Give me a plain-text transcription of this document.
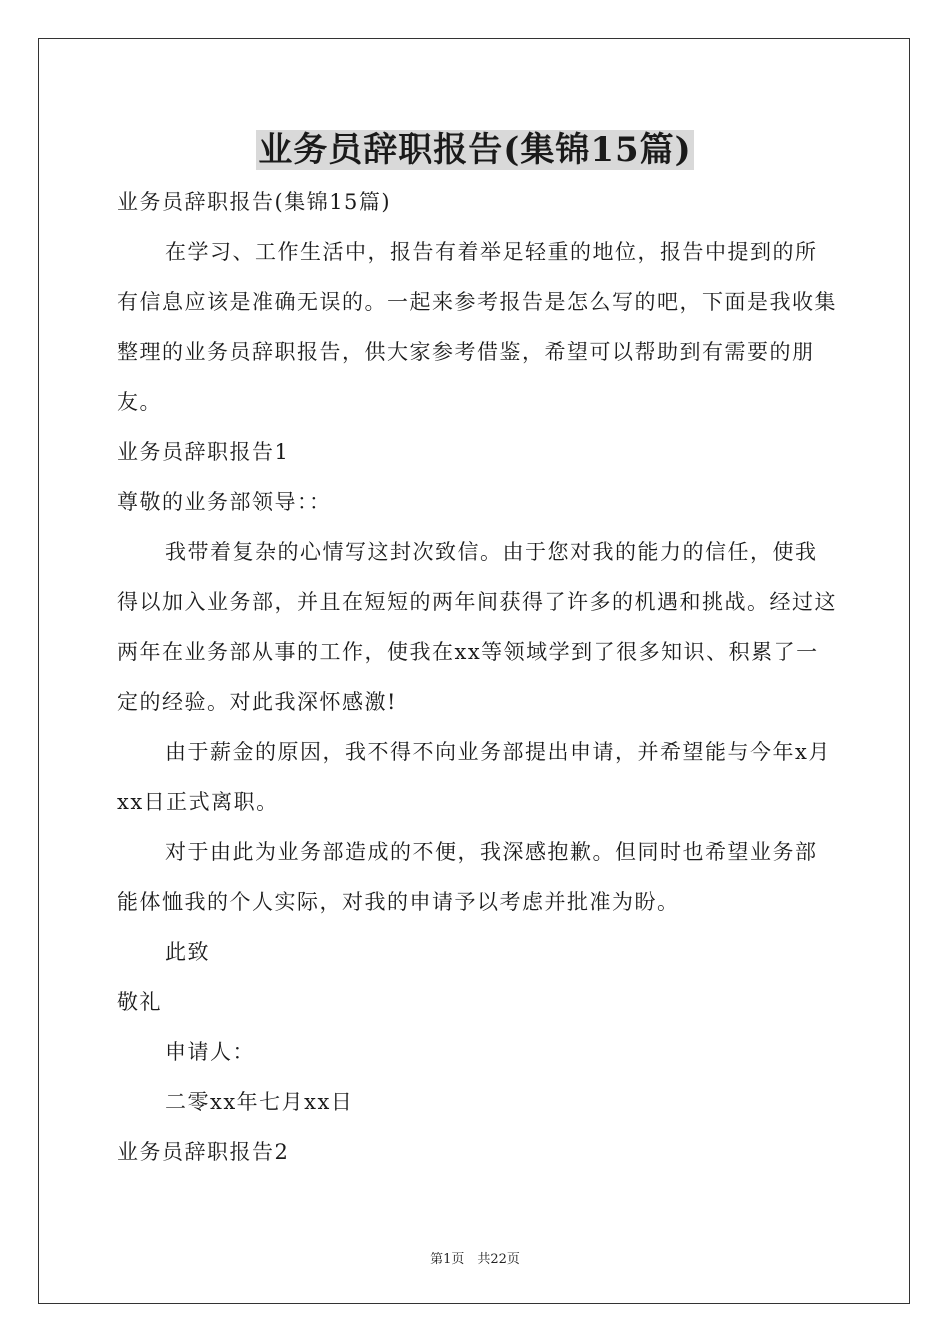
业务员辞职报告(集锦15篇)

业务员辞职报告(集锦15篇)

在学习、工作生活中，报告有着举足轻重的地位，报告中提到的所有信息应该是准确无误的。一起来参考报告是怎么写的吧，下面是我收集整理的业务员辞职报告，供大家参考借鉴，希望可以帮助到有需要的朋友。

业务员辞职报告1

尊敬的业务部领导：：

我带着复杂的心情写这封次致信。由于您对我的能力的信任，使我得以加入业务部，并且在短短的两年间获得了许多的机遇和挑战。经过这两年在业务部从事的工作，使我在xx等领域学到了很多知识、积累了一定的经验。对此我深怀感激!

由于薪金的原因，我不得不向业务部提出申请，并希望能与今年x月xx日正式离职。

对于由此为业务部造成的不便，我深感抱歉。但同时也希望业务部能体恤我的个人实际，对我的申请予以考虑并批准为盼。

此致

敬礼

申请人：

二零xx年七月xx日

业务员辞职报告2

第1页　共22页
